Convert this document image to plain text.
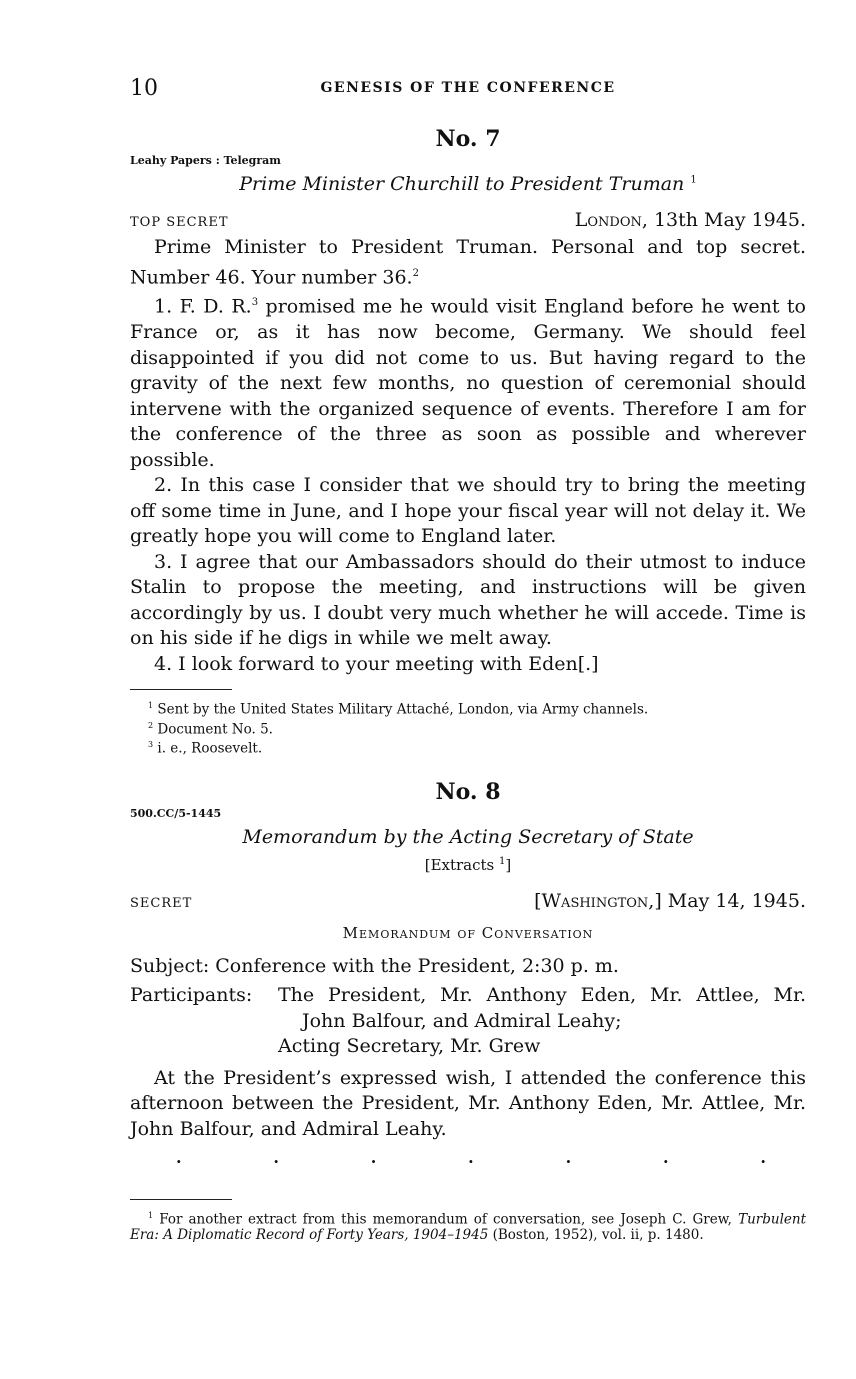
10	GENESIS OF THE CONFERENCE
No. 7
Leahy Papers : Telegram
Prime Minister Churchill to President Truman $^1$
TOP SECRET	London, 13th May 1945.

Prime Minister to President Truman. Personal and top secret. Number 46. Your number 36.$^2$

1. F. D. R.$^3$ promised me he would visit England before he went to France or, as it has now become, Germany. We should feel disappointed if you did not come to us. But having regard to the gravity of the next few months, no question of ceremonial should intervene with the organized sequence of events. Therefore I am for the conference of the three as soon as possible and wherever possible.

2. In this case I consider that we should try to bring the meeting off some time in June, and I hope your fiscal year will not delay it. We greatly hope you will come to England later.

3. I agree that our Ambassadors should do their utmost to induce Stalin to propose the meeting, and instructions will be given accordingly by us. I doubt very much whether he will accede. Time is on his side if he digs in while we melt away.

4. I look forward to your meeting with Eden[.]

$^1$ Sent by the United States Military Attaché, London, via Army channels.
$^2$ Document No. 5.
$^3$ i. e., Roosevelt.
No. 8
500.CC/5-1445
Memorandum by the Acting Secretary of State
[Extracts $^1$]
SECRET	[Washington,] May 14, 1945.
Memorandum of Conversation
Subject: Conference with the President, 2:30 p. m.
Participants:	The President, Mr. Anthony Eden, Mr. Attlee, Mr.
John Balfour, and Admiral Leahy;
Acting Secretary, Mr. Grew

At the President’s expressed wish, I attended the conference this afternoon between the President, Mr. Anthony Eden, Mr. Attlee, Mr. John Balfour, and Admiral Leahy.

·	·	·	·	·	·	·
$^1$ For another extract from this memorandum of conversation, see Joseph C. Grew, Turbulent Era: A Diplomatic Record of Forty Years, 1904–1945 (Boston, 1952), vol. ii, p. 1480.
